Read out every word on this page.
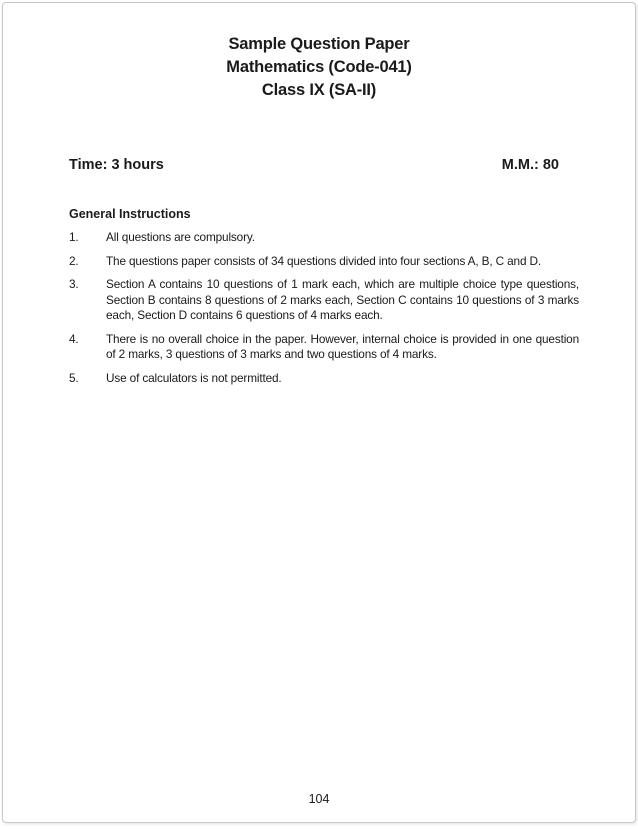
Sample Question Paper
Mathematics (Code-041)
Class IX (SA-II)
Time: 3 hours	M.M.: 80
General Instructions
1.	All questions are compulsory.
2.	The questions paper consists of 34 questions divided into four sections A, B, C and D.
3.	Section A contains 10 questions of 1 mark each, which are multiple choice type questions, Section B contains 8 questions of 2 marks each, Section C contains 10 questions of 3 marks each, Section D contains 6 questions of 4 marks each.
4.	There is no overall choice in the paper. However, internal choice is provided in one question of 2 marks, 3 questions of 3 marks and two questions of 4 marks.
5.	Use of calculators is not permitted.
104
